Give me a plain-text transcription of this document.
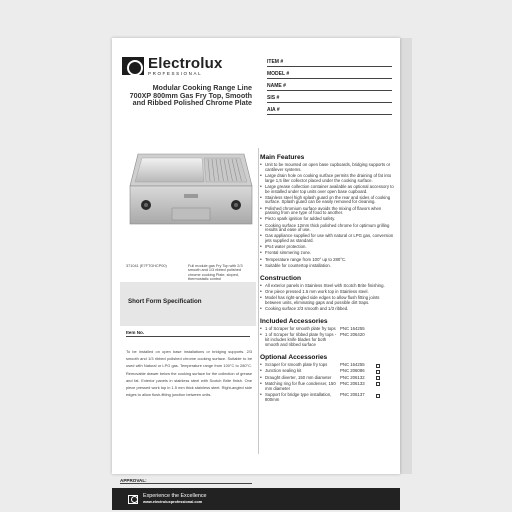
Electrolux
PROFESSIONAL
Modular Cooking Range Line
700XP 800mm Gas Fry Top, Smooth
and Ribbed Polished Chrome Plate
ITEM #
MODEL #
NAME #
SIS #
AIA #
371041 (E7FTGHCP00)	Full module gas Fry Top with 2/3 smooth and 1/3 ribbed polished chrome cooking Plate, sloped, thermostatic control
Short Form Specification
Item No.
To be installed on open base installations or bridging supports. 2/3 smooth and 1/3 ribbed polished chrome cooking surface. Suitable to be used with Natural or LPG gas. Temperature range from 100°C to 280°C. Removable drawer below the cooking surface for the collection of grease and fat. Exterior panels in stainless steel with Scotch Brite finish. One piece pressed work top in 1.5 mm thick stainless steel. Right-angled side edges to allow flush-fitting junction between units.
Main Features
• Unit to be mounted on open base cupboards, bridging supports or cantilever systems.
• Large drain hole on cooking surface permits the draining of fat into large 1,5 liter collector placed under the cooking surface.
• Large grease collection container available as optional accessory to be installed under top units over open base cupboard.
• Stainless steel high splash guard on the rear and sides of cooking surface. Splash guard can be easily removed for cleaning.
• Polished chromium surface avoids the mixing of flavors when passing from one type of food to another.
• Piezo spark ignition for added safety.
• Cooking surface 12mm thick polished chrome for optimum grilling results and ease of use.
• Gas appliance supplied for use with natural or LPG gas, conversion jets supplied as standard.
• IPx4 water protection.
• Frontal simmering zone.
• Temperature range from 100° up to 280°C.
• Suitable for countertop installation.
Construction
• All exterior panels in Stainless Steel with Scotch Brite finishing.
• One piece pressed 1.5 mm work top in Stainless steel.
• Model has right-angled side edges to allow flush fitting joints between units, eliminating gaps and possible dirt traps.
• Cooking surface 2/3 smooth and 1/3 ribbed.
Included Accessories
• 1 of Scraper for smooth plate fry tops PNC 164255
• 1 of Scraper for ribbed plate fry tops - kit includes knife blades for both smooth and ribbed surface
PNC 206420
Optional Accessories
• Scraper for smooth plate fry tops	PNC 164255
• Junction sealing kit	PNC 206086
• Draught diverter, 150 mm diameter	PNC 206132
• Matching ring for flue condenser, 150 mm diameter
PNC 206133
• Support for bridge type installation, 800mm
PNC 206137
APPROVAL:
Experience the Excellence
www.electroluxprofessional.com
